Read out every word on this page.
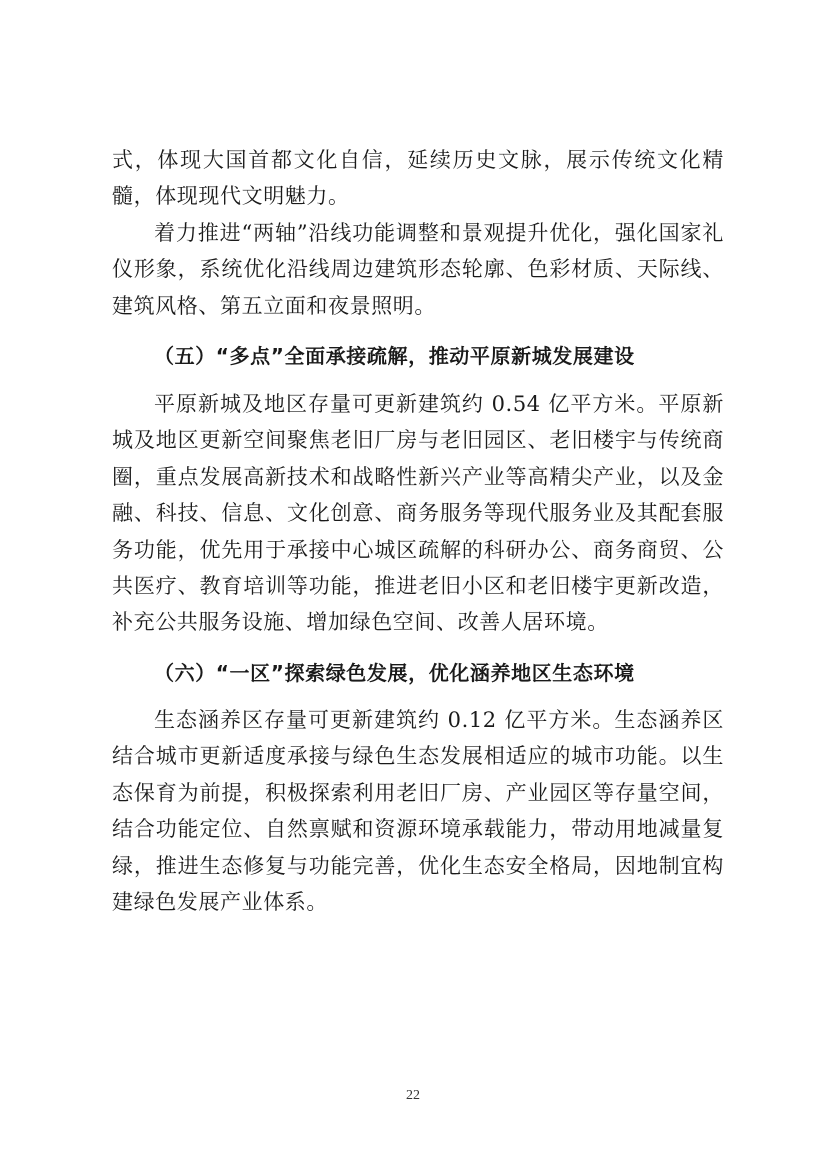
式，体现大国首都文化自信，延续历史文脉，展示传统文化精髓，体现现代文明魅力。

着力推进“两轴”沿线功能调整和景观提升优化，强化国家礼仪形象，系统优化沿线周边建筑形态轮廓、色彩材质、天际线、建筑风格、第五立面和夜景照明。

（五）“多点”全面承接疏解，推动平原新城发展建设

平原新城及地区存量可更新建筑约 0.54 亿平方米。平原新城及地区更新空间聚焦老旧厂房与老旧园区、老旧楼宇与传统商圈，重点发展高新技术和战略性新兴产业等高精尖产业，以及金融、科技、信息、文化创意、商务服务等现代服务业及其配套服务功能，优先用于承接中心城区疏解的科研办公、商务商贸、公共医疗、教育培训等功能，推进老旧小区和老旧楼宇更新改造，补充公共服务设施、增加绿色空间、改善人居环境。

（六）“一区”探索绿色发展，优化涵养地区生态环境

生态涵养区存量可更新建筑约 0.12 亿平方米。生态涵养区结合城市更新适度承接与绿色生态发展相适应的城市功能。以生态保育为前提，积极探索利用老旧厂房、产业园区等存量空间，结合功能定位、自然禀赋和资源环境承载能力，带动用地减量复绿，推进生态修复与功能完善，优化生态安全格局，因地制宜构建绿色发展产业体系。

22
